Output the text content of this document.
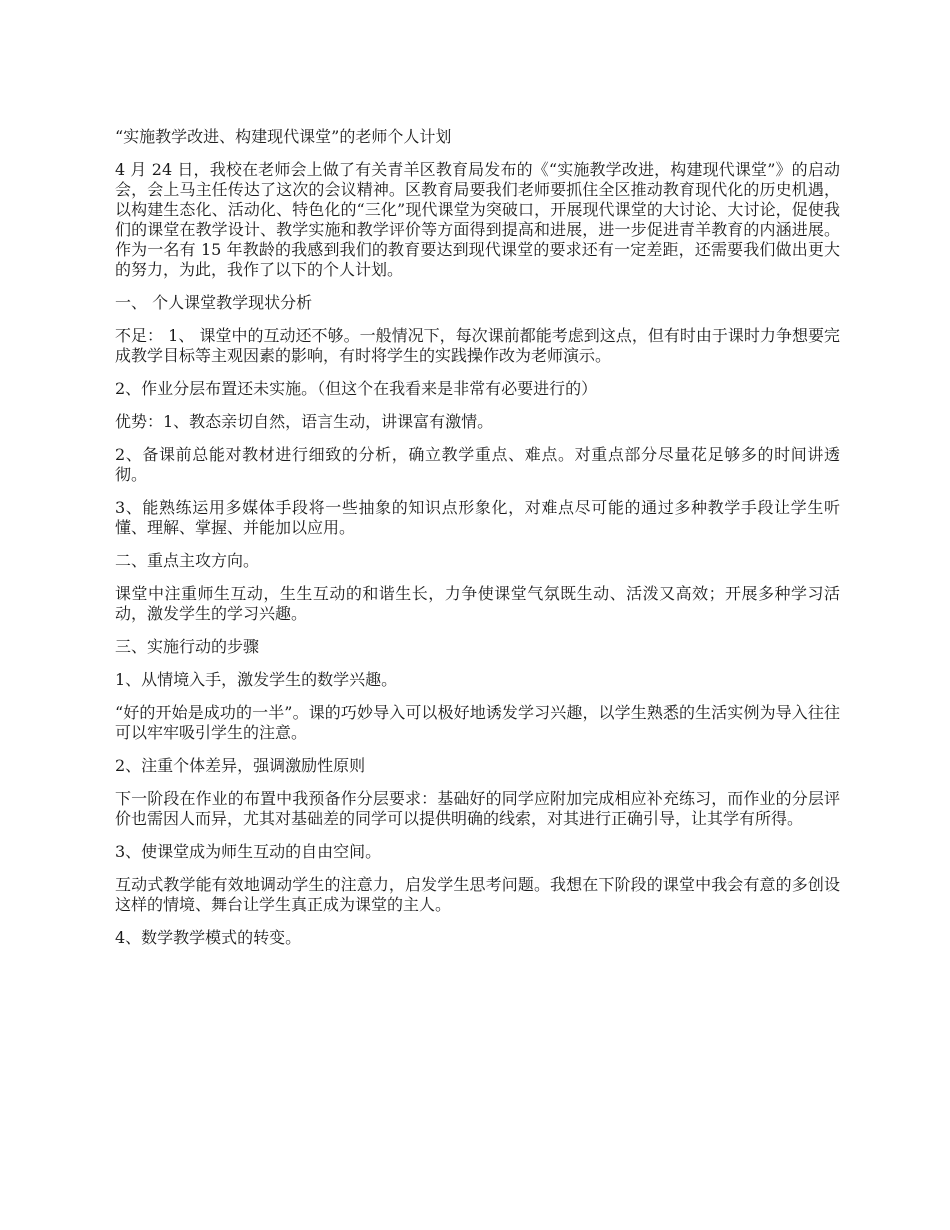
“实施教学改进、构建现代课堂”的老师个人计划

4 月 24 日，我校在老师会上做了有关青羊区教育局发布的《“实施教学改进，构建现代课堂”》的启动会，会上马主任传达了这次的会议精神。区教育局要我们老师要抓住全区推动教育现代化的历史机遇，以构建生态化、活动化、特色化的“三化”现代课堂为突破口，开展现代课堂的大讨论、大讨论，促使我们的课堂在教学设计、教学实施和教学评价等方面得到提高和进展，进一步促进青羊教育的内涵进展。作为一名有 15 年教龄的我感到我们的教育要达到现代课堂的要求还有一定差距，还需要我们做出更大的努力，为此，我作了以下的个人计划。

一、 个人课堂教学现状分析

不足： 1、 课堂中的互动还不够。一般情况下，每次课前都能考虑到这点，但有时由于课时力争想要完成教学目标等主观因素的影响，有时将学生的实践操作改为老师演示。

2、作业分层布置还未实施。（但这个在我看来是非常有必要进行的）

优势：1、教态亲切自然，语言生动，讲课富有激情。

2、备课前总能对教材进行细致的分析，确立教学重点、难点。对重点部分尽量花足够多的时间讲透彻。

3、能熟练运用多媒体手段将一些抽象的知识点形象化，对难点尽可能的通过多种教学手段让学生听懂、理解、掌握、并能加以应用。

二、重点主攻方向。

课堂中注重师生互动，生生互动的和谐生长，力争使课堂气氛既生动、活泼又高效；开展多种学习活动，激发学生的学习兴趣。

三、实施行动的步骤

1、从情境入手，激发学生的数学兴趣。

“好的开始是成功的一半”。课的巧妙导入可以极好地诱发学习兴趣，以学生熟悉的生活实例为导入往往可以牢牢吸引学生的注意。

2、注重个体差异，强调激励性原则

下一阶段在作业的布置中我预备作分层要求：基础好的同学应附加完成相应补充练习，而作业的分层评价也需因人而异，尤其对基础差的同学可以提供明确的线索，对其进行正确引导，让其学有所得。

3、使课堂成为师生互动的自由空间。

互动式教学能有效地调动学生的注意力，启发学生思考问题。我想在下阶段的课堂中我会有意的多创设这样的情境、舞台让学生真正成为课堂的主人。

4、数学教学模式的转变。
